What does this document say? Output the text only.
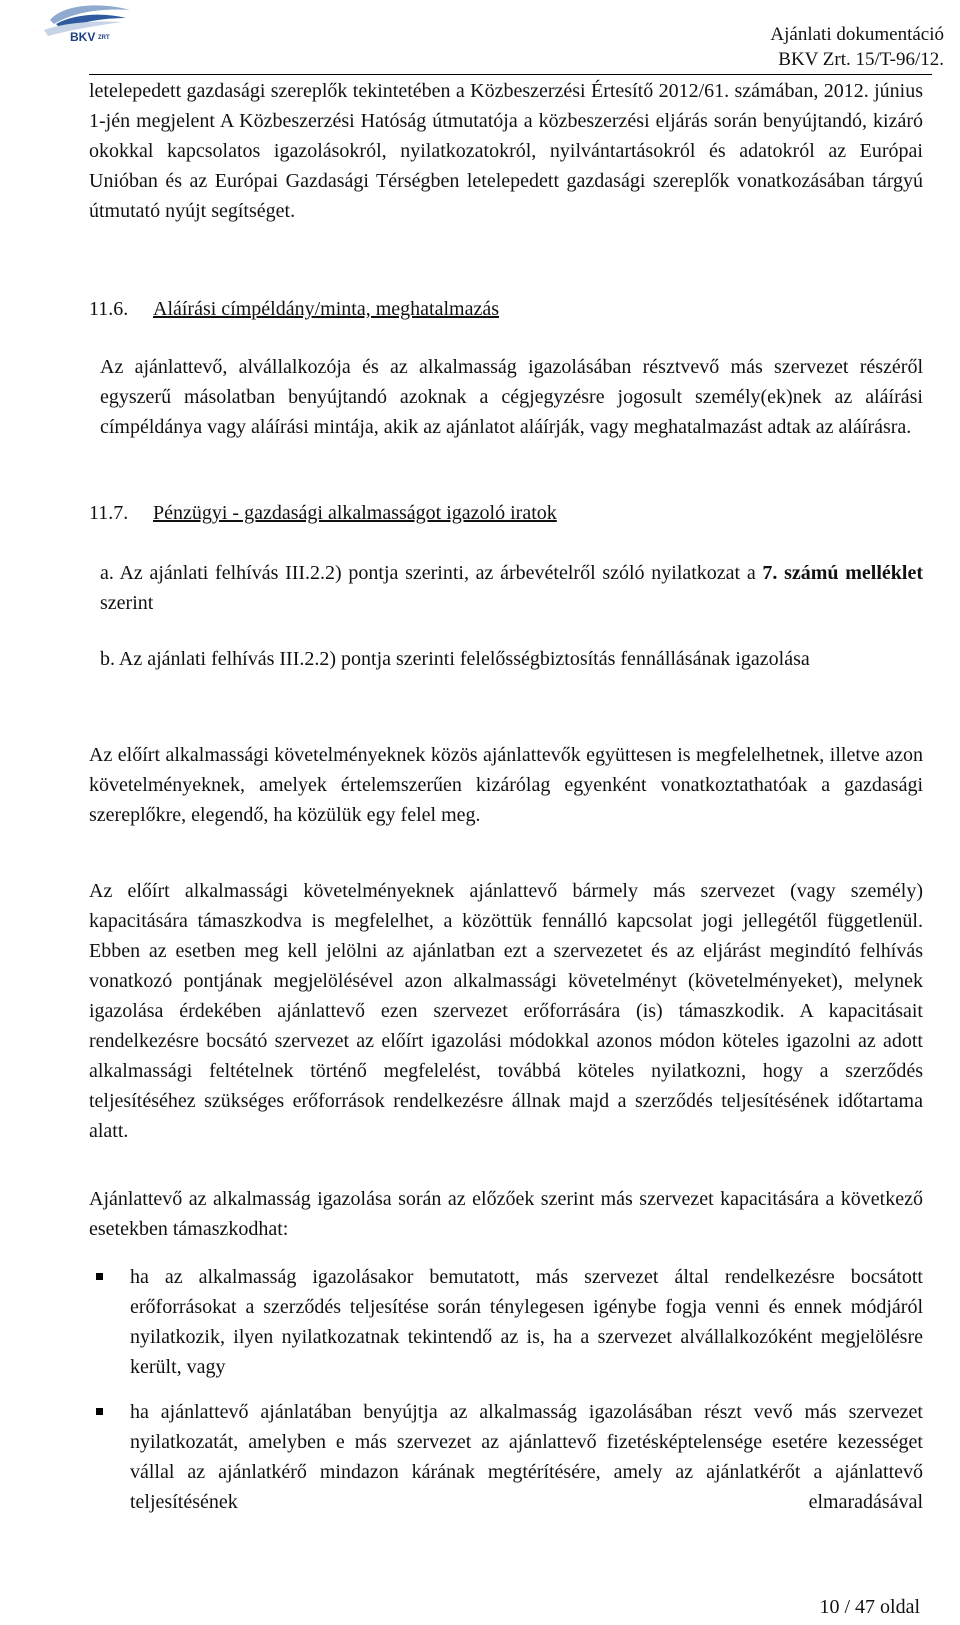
BKV ZRT	Ajánlati dokumentáció
BKV Zrt. 15/T-96/12.

letelepedett gazdasági szereplők tekintetében a Közbeszerzési Értesítő 2012/61. számában, 2012. június 1-jén megjelent A Közbeszerzési Hatóság útmutatója a közbeszerzési eljárás során benyújtandó, kizáró okokkal kapcsolatos igazolásokról, nyilatkozatokról, nyilvántartásokról és adatokról az Európai Unióban és az Európai Gazdasági Térségben letelepedett gazdasági szereplők vonatkozásában tárgyú útmutató nyújt segítséget.

11.6. Aláírási címpéldány/minta, meghatalmazás

Az ajánlattevő, alvállalkozója és az alkalmasság igazolásában résztvevő más szervezet részéről egyszerű másolatban benyújtandó azoknak a cégjegyzésre jogosult személy(ek)nek az aláírási címpéldánya vagy aláírási mintája, akik az ajánlatot aláírják, vagy meghatalmazást adtak az aláírásra.

11.7. Pénzügyi - gazdasági alkalmasságot igazoló iratok

a. Az ajánlati felhívás III.2.2) pontja szerinti, az árbevételről szóló nyilatkozat a 7. számú melléklet szerint

b. Az ajánlati felhívás III.2.2) pontja szerinti felelősségbiztosítás fennállásának igazolása

Az előírt alkalmassági követelményeknek közös ajánlattevők együttesen is megfelelhetnek, illetve azon követelményeknek, amelyek értelemszerűen kizárólag egyenként vonatkoztathatóak a gazdasági szereplőkre, elegendő, ha közülük egy felel meg.

Az előírt alkalmassági követelményeknek ajánlattevő bármely más szervezet (vagy személy) kapacitására támaszkodva is megfelelhet, a közöttük fennálló kapcsolat jogi jellegétől függetlenül. Ebben az esetben meg kell jelölni az ajánlatban ezt a szervezetet és az eljárást megindító felhívás vonatkozó pontjának megjelölésével azon alkalmassági követelményt (követelményeket), melynek igazolása érdekében ajánlattevő ezen szervezet erőforrására (is) támaszkodik. A kapacitásait rendelkezésre bocsátó szervezet az előírt igazolási módokkal azonos módon köteles igazolni az adott alkalmassági feltételnek történő megfelelést, továbbá köteles nyilatkozni, hogy a szerződés teljesítéséhez szükséges erőforrások rendelkezésre állnak majd a szerződés teljesítésének időtartama alatt.

Ajánlattevő az alkalmasság igazolása során az előzőek szerint más szervezet kapacitására a következő esetekben támaszkodhat:

ha az alkalmasság igazolásakor bemutatott, más szervezet által rendelkezésre bocsátott erőforrásokat a szerződés teljesítése során ténylegesen igénybe fogja venni és ennek módjáról nyilatkozik, ilyen nyilatkozatnak tekintendő az is, ha a szervezet alvállalkozóként megjelölésre került, vagy

ha ajánlattevő ajánlatában benyújtja az alkalmasság igazolásában részt vevő más szervezet nyilatkozatát, amelyben e más szervezet az ajánlattevő fizetésképtelensége esetére kezességet vállal az ajánlatkérő mindazon kárának megtérítésére, amely az ajánlatkérőt a ajánlattevő teljesítésének elmaradásával

10 / 47 oldal
